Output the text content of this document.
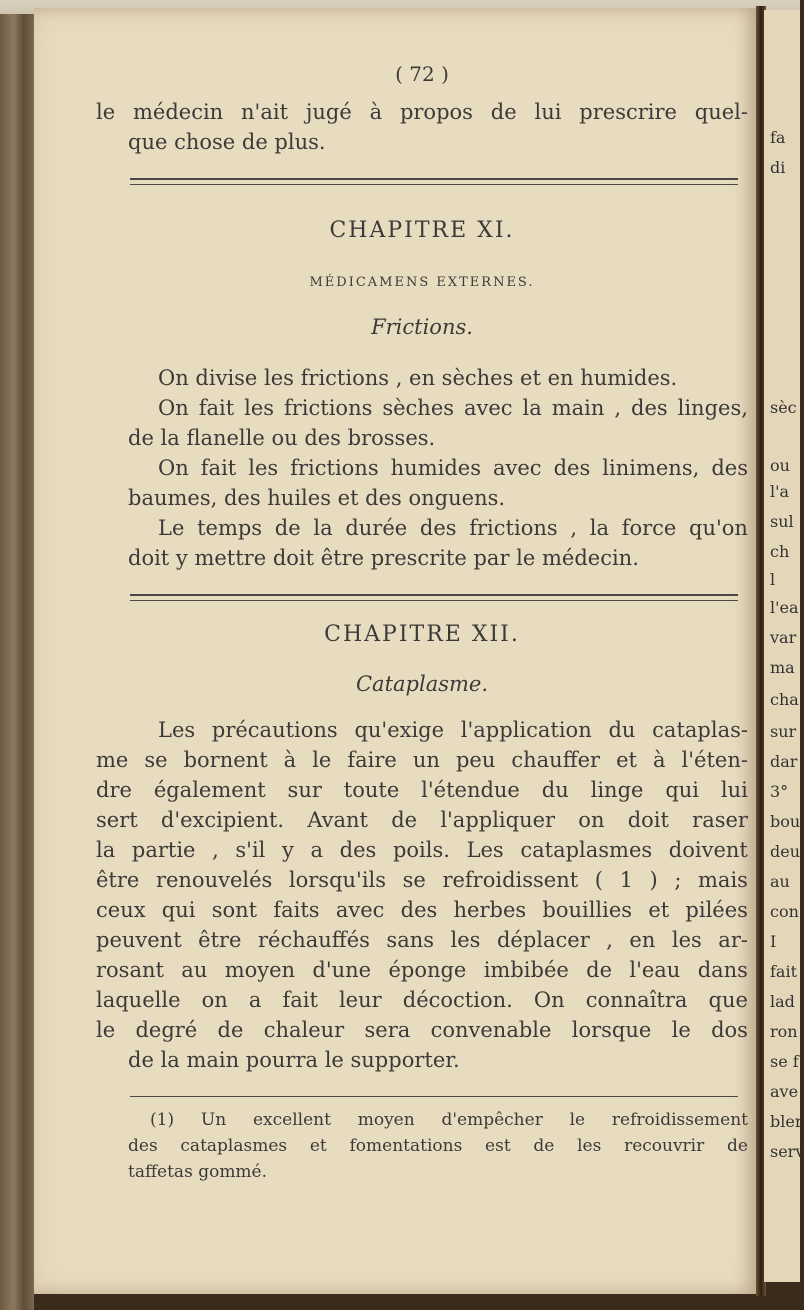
fa
di
sèc
ou
l'a
sul
ch
l
l'ea
var
ma
cha
sur
dar
3°
bou
deu
au
con
I
fait
lad
ron
se f
ave
bler
serv
( 72 )
le médecin n'ait jugé à propos de lui prescrire quel-
que chose de plus.
CHAPITRE XI.
MÉDICAMENS EXTERNES.
Frictions.
On divise les frictions , en sèches et en humides.
On fait les frictions sèches avec la main , des linges,
de la flanelle ou des brosses.
On fait les frictions humides avec des linimens, des
baumes, des huiles et des onguens.
Le temps de la durée des frictions , la force qu'on
doit y mettre doit être prescrite par le médecin.
CHAPITRE XII.
Cataplasme.
Les précautions qu'exige l'application du cataplas-
me se bornent à le faire un peu chauffer et à l'éten-
dre également sur toute l'étendue du linge qui lui
sert d'excipient. Avant de l'appliquer on doit raser
la partie , s'il y a des poils. Les cataplasmes doivent
être renouvelés lorsqu'ils se refroidissent ( 1 ) ; mais
ceux qui sont faits avec des herbes bouillies et pilées
peuvent être réchauffés sans les déplacer , en les ar-
rosant au moyen d'une éponge imbibée de l'eau dans
laquelle on a fait leur décoction. On connaîtra que
le degré de chaleur sera convenable lorsque le dos
de la main pourra le supporter.
(1) Un excellent moyen d'empêcher le refroidissement
des cataplasmes et fomentations est de les recouvrir de
taffetas gommé.
